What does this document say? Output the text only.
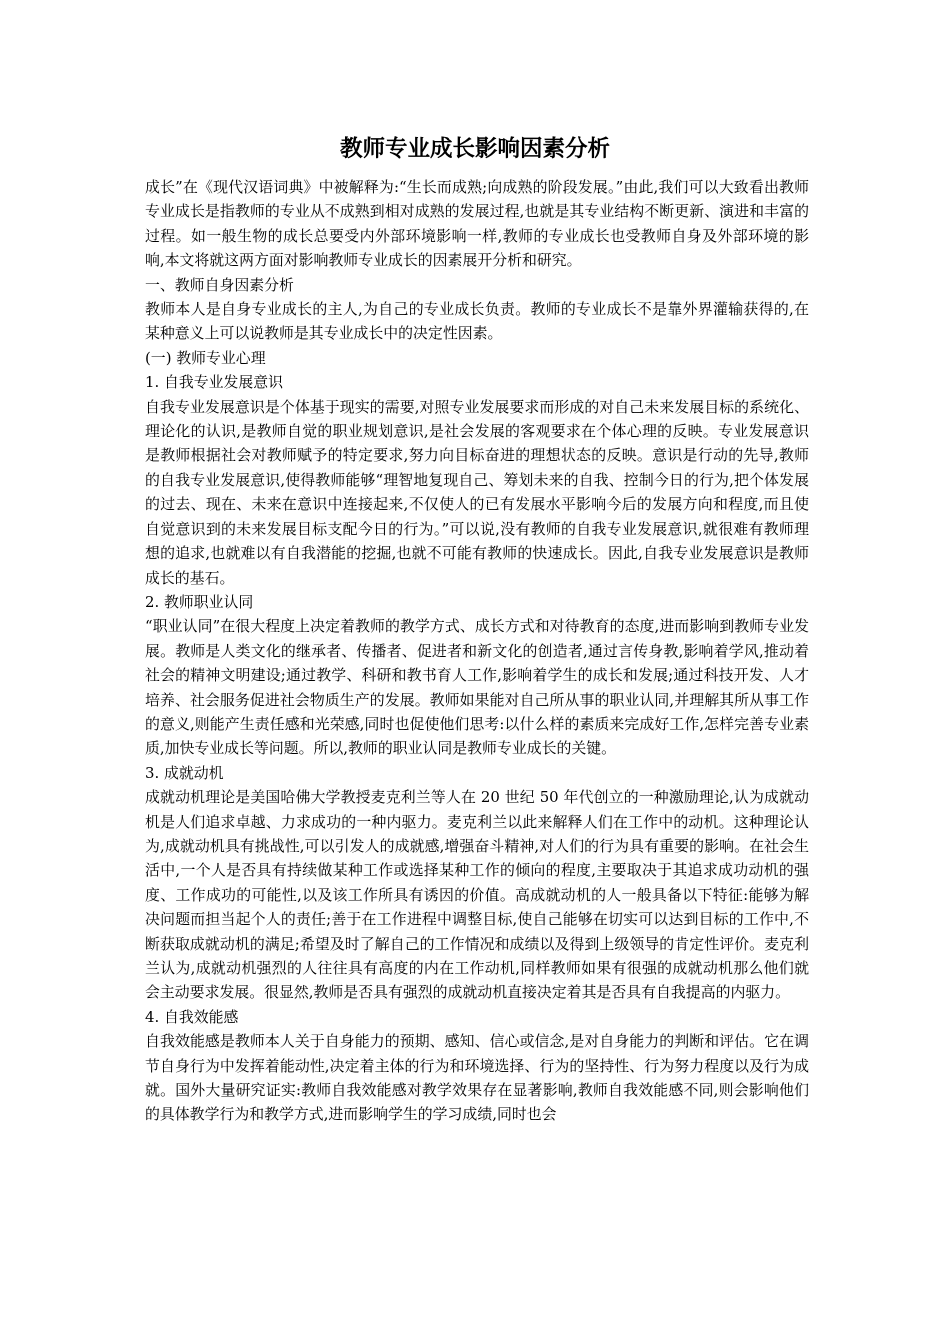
教师专业成长影响因素分析

成长”在《现代汉语词典》中被解释为:“生长而成熟;向成熟的阶段发展。”由此,我们可以大致看出教师专业成长是指教师的专业从不成熟到相对成熟的发展过程,也就是其专业结构不断更新、演进和丰富的过程。如一般生物的成长总要受内外部环境影响一样,教师的专业成长也受教师自身及外部环境的影响,本文将就这两方面对影响教师专业成长的因素展开分析和研究。

一、教师自身因素分析

教师本人是自身专业成长的主人,为自己的专业成长负责。教师的专业成长不是靠外界灌输获得的,在某种意义上可以说教师是其专业成长中的决定性因素。

(一) 教师专业心理

1. 自我专业发展意识

自我专业发展意识是个体基于现实的需要,对照专业发展要求而形成的对自己未来发展目标的系统化、理论化的认识,是教师自觉的职业规划意识,是社会发展的客观要求在个体心理的反映。专业发展意识是教师根据社会对教师赋予的特定要求,努力向目标奋进的理想状态的反映。意识是行动的先导,教师的自我专业发展意识,使得教师能够“理智地复现自己、筹划未来的自我、控制今日的行为,把个体发展的过去、现在、未来在意识中连接起来,不仅使人的已有发展水平影响今后的发展方向和程度,而且使自觉意识到的未来发展目标支配今日的行为。”可以说,没有教师的自我专业发展意识,就很难有教师理想的追求,也就难以有自我潜能的挖掘,也就不可能有教师的快速成长。因此,自我专业发展意识是教师成长的基石。

2. 教师职业认同

“职业认同”在很大程度上决定着教师的教学方式、成长方式和对待教育的态度,进而影响到教师专业发展。教师是人类文化的继承者、传播者、促进者和新文化的创造者,通过言传身教,影响着学风,推动着社会的精神文明建设;通过教学、科研和教书育人工作,影响着学生的成长和发展;通过科技开发、人才培养、社会服务促进社会物质生产的发展。教师如果能对自己所从事的职业认同,并理解其所从事工作的意义,则能产生责任感和光荣感,同时也促使他们思考:以什么样的素质来完成好工作,怎样完善专业素质,加快专业成长等问题。所以,教师的职业认同是教师专业成长的关键。

3. 成就动机

成就动机理论是美国哈佛大学教授麦克利兰等人在 20 世纪 50 年代创立的一种激励理论,认为成就动机是人们追求卓越、力求成功的一种内驱力。麦克利兰以此来解释人们在工作中的动机。这种理论认为,成就动机具有挑战性,可以引发人的成就感,增强奋斗精神,对人们的行为具有重要的影响。在社会生活中,一个人是否具有持续做某种工作或选择某种工作的倾向的程度,主要取决于其追求成功动机的强度、工作成功的可能性,以及该工作所具有诱因的价值。高成就动机的人一般具备以下特征:能够为解决问题而担当起个人的责任;善于在工作进程中调整目标,使自己能够在切实可以达到目标的工作中,不断获取成就动机的满足;希望及时了解自己的工作情况和成绩以及得到上级领导的肯定性评价。麦克利兰认为,成就动机强烈的人往往具有高度的内在工作动机,同样教师如果有很强的成就动机那么他们就会主动要求发展。很显然,教师是否具有强烈的成就动机直接决定着其是否具有自我提高的内驱力。

4. 自我效能感

自我效能感是教师本人关于自身能力的预期、感知、信心或信念,是对自身能力的判断和评估。它在调节自身行为中发挥着能动性,决定着主体的行为和环境选择、行为的坚持性、行为努力程度以及行为成就。国外大量研究证实:教师自我效能感对教学效果存在显著影响,教师自我效能感不同,则会影响他们的具体教学行为和教学方式,进而影响学生的学习成绩,同时也会
